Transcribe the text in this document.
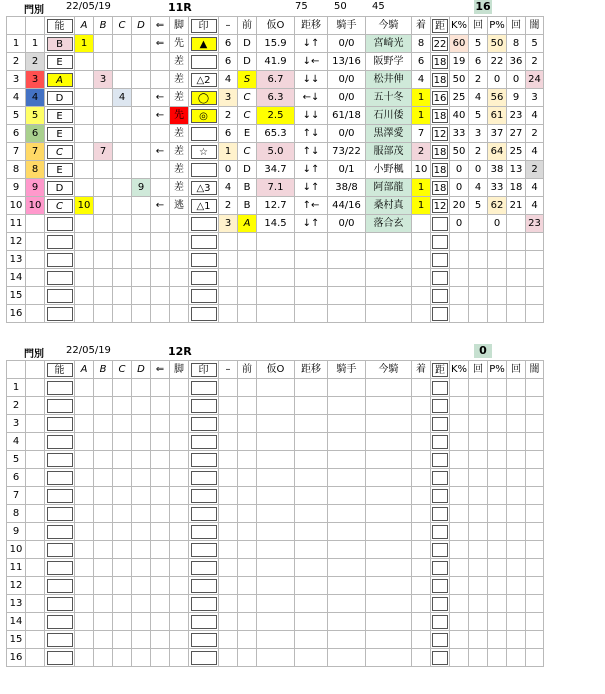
門別 22/05/19	11R	75	50	45	16

		能	A	B	C	D	⇐	脚	印	–	前	仮O	距移	騎手	今騎	着	距	K%	回	P%	回	闇
1	1	B	1				⇐	先	▲	6	D	15.9	↓↑	0/0	宮崎光	8	22	60	5	50	8	5
2	2	E						差		6	D	41.9	↓←	13/16	阪野学	6	18	19	6	22	36	2
3	3	A		3				差	△2	4	S	6.7	↓↓	0/0	松井伸	4	18	50	2	0	0	24
4	4	D			4		←	差	◯	3	C	6.3	←↓	0/0	五十冬	1	16	25	4	56	9	3
5	5	E					←	先	◎	2	C	2.5	↓↓	61/18	石川倭	1	18	40	5	61	23	4
6	6	E						差		6	E	65.3	↑↓	0/0	黒澤愛	7	12	33	3	37	27	2
7	7	C		7			←	差	☆	1	C	5.0	↑↓	73/22	服部茂	2	18	50	2	64	25	4
8	8	E						差		0	D	34.7	↓↑	0/1	小野楓	10	18	0	0	38	13	2
9	9	D				9		差	△3	4	B	7.1	↓↑	38/8	阿部龍	1	18	0	4	33	18	4
10	10	C	10				←	逃	△1	2	B	12.7	↑←	44/16	桑村真	1	12	20	5	62	21	4
11										3	A	14.5	↓↑	0/0	落合玄			0		0		23
12		

13		

14		

15		

16		

門別 22/05/19	12R	0

		能	A	B	C	D	⇐	脚	印	–	前	仮O	距移	騎手	今騎	着	距	K%	回	P%	回	闇
1		

2		

3		

4		

5		

6		

7		

8		

9		

10		

11		

12		

13		

14		

15		

16		
